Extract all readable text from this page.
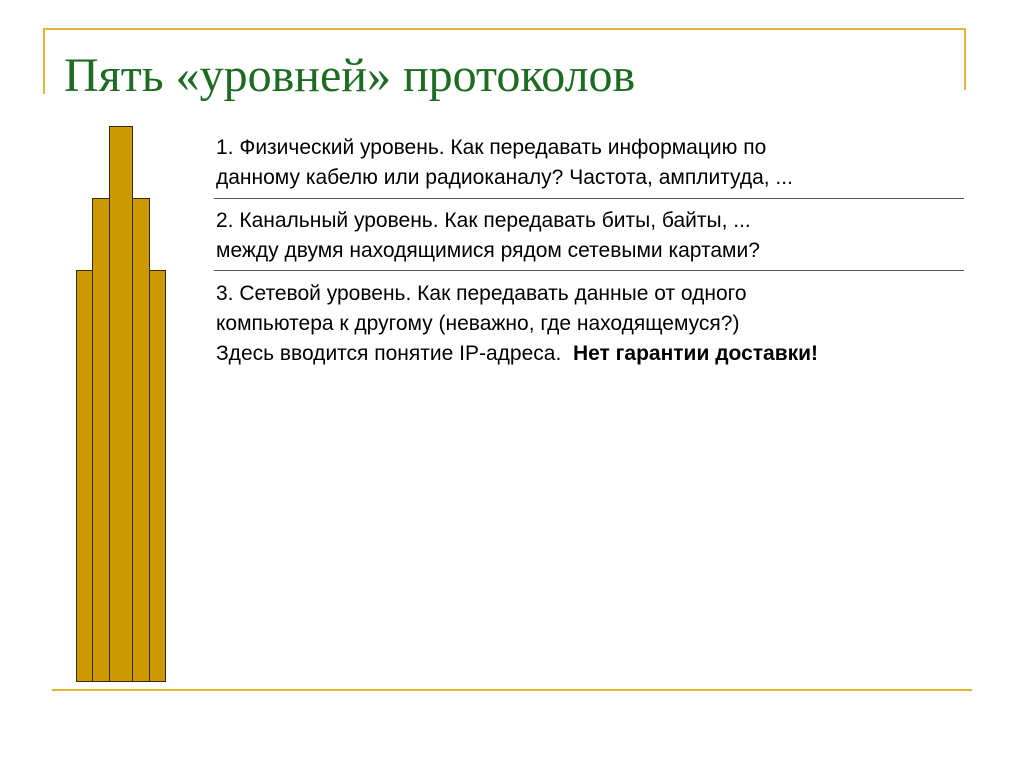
Пять «уровней» протоколов

1. Физический уровень. Как передавать информацию по

данному кабелю или радиоканалу? Частота, амплитуда, ...

2. Канальный уровень. Как передавать биты, байты, ...

между двумя находящимися рядом сетевыми картами?

3. Сетевой уровень. Как передавать данные от одного

компьютера к другому (неважно, где находящемуся?)

Здесь вводится понятие IP-адреса.  Нет гарантии доставки!
